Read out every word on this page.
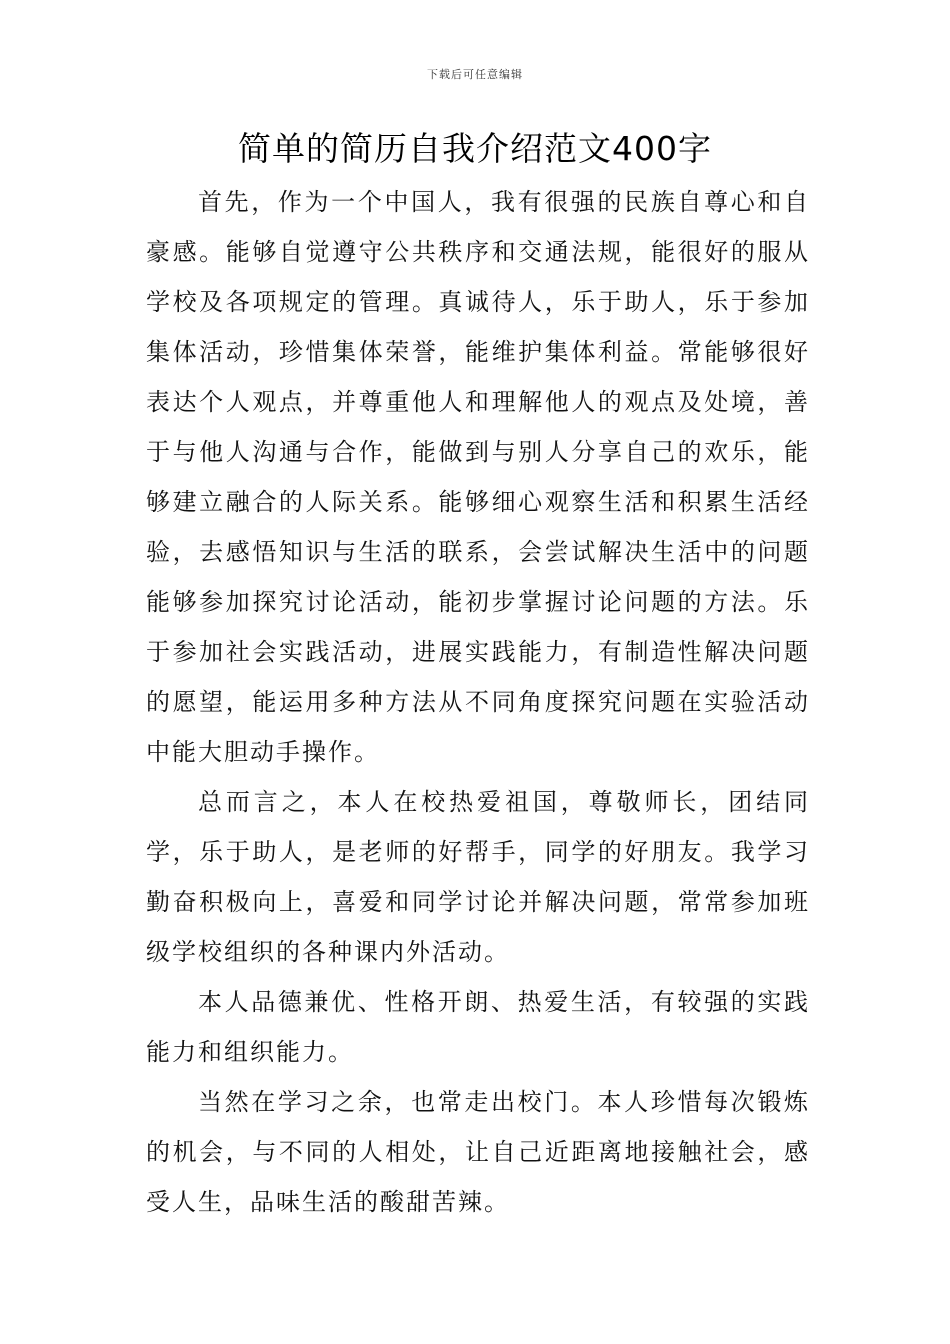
下载后可任意编辑
简单的简历自我介绍范文400字

首先，作为一个中国人，我有很强的民族自尊心和自豪感。能够自觉遵守公共秩序和交通法规，能很好的服从学校及各项规定的管理。真诚待人，乐于助人，乐于参加集体活动，珍惜集体荣誉，能维护集体利益。常能够很好表达个人观点，并尊重他人和理解他人的观点及处境，善于与他人沟通与合作，能做到与别人分享自己的欢乐，能够建立融合的人际关系。能够细心观察生活和积累生活经验，去感悟知识与生活的联系，会尝试解决生活中的问题能够参加探究讨论活动，能初步掌握讨论问题的方法。乐于参加社会实践活动，进展实践能力，有制造性解决问题的愿望，能运用多种方法从不同角度探究问题在实验活动中能大胆动手操作。

总而言之，本人在校热爱祖国，尊敬师长，团结同学，乐于助人，是老师的好帮手，同学的好朋友。我学习勤奋积极向上，喜爱和同学讨论并解决问题，常常参加班级学校组织的各种课内外活动。

本人品德兼优、性格开朗、热爱生活，有较强的实践能力和组织能力。

当然在学习之余，也常走出校门。本人珍惜每次锻炼的机会，与不同的人相处，让自己近距离地接触社会，感受人生，品味生活的酸甜苦辣。
